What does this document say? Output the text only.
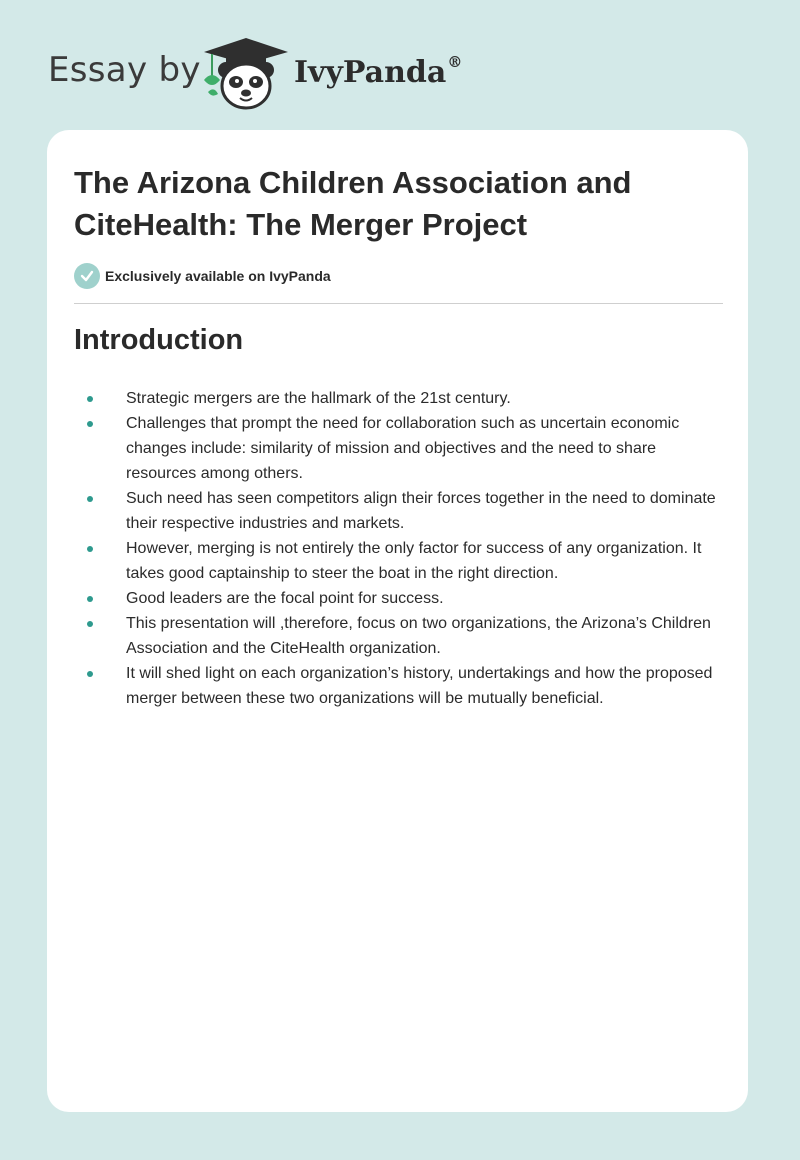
Essay by	IvyPanda®
The Arizona Children Association and CiteHealth: The Merger Project
Exclusively available on IvyPanda
Introduction
Strategic mergers are the hallmark of the 21st century.
Challenges that prompt the need for collaboration such as uncertain economic changes include: similarity of mission and objectives and the need to share resources among others.
Such need has seen competitors align their forces together in the need to dominate their respective industries and markets.
However, merging is not entirely the only factor for success of any organization. It takes good captainship to steer the boat in the right direction.
Good leaders are the focal point for success.
This presentation will ,therefore, focus on two organizations, the Arizona’s Children Association and the CiteHealth organization.
It will shed light on each organization’s history, undertakings and how the proposed merger between these two organizations will be mutually beneficial.
